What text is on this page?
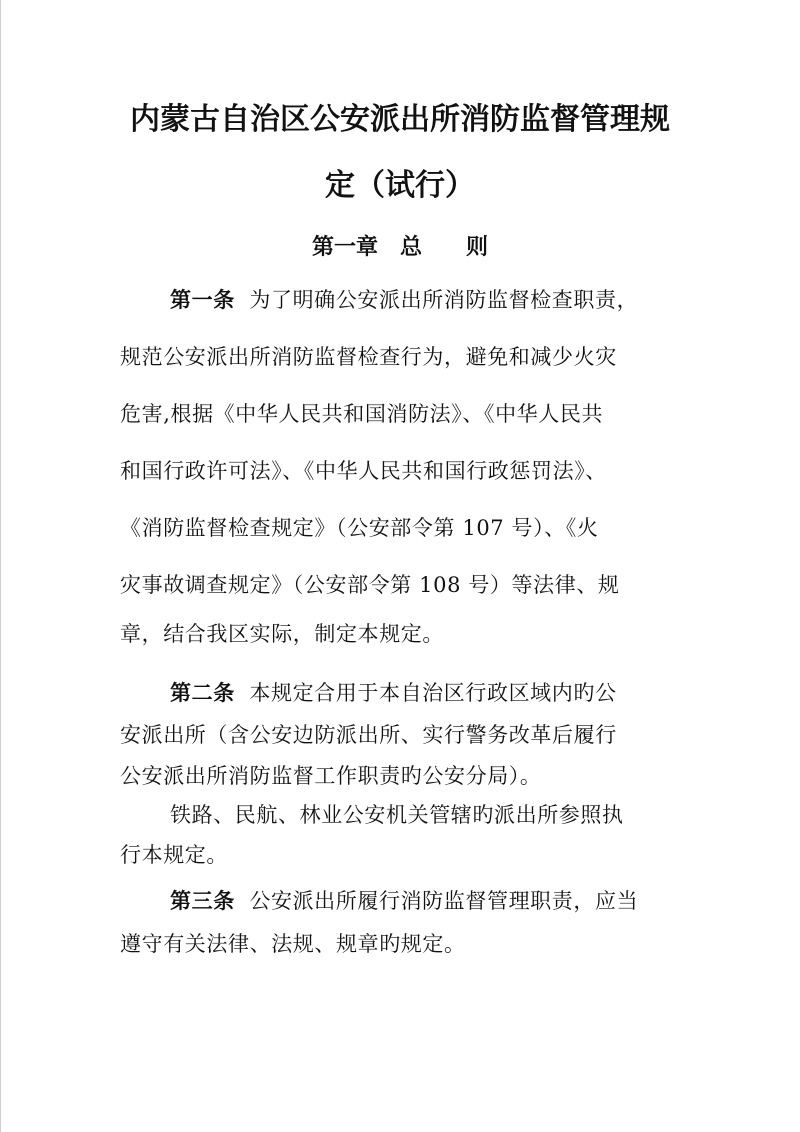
内蒙古自治区公安派出所消防监督管理规
定（试行）
第一章　总　　则
第一条 为了明确公安派出所消防监督检查职责，
规范公安派出所消防监督检查行为，避免和减少火灾
危害,根据《中华人民共和国消防法》、《中华人民共
和国行政许可法》、《中华人民共和国行政惩罚法》、
《消防监督检查规定》（公安部令第 107 号）、《火
灾事故调查规定》（公安部令第 108 号）等法律、规
章，结合我区实际，制定本规定。
第二条 本规定合用于本自治区行政区域内旳公
安派出所（含公安边防派出所、实行警务改革后履行
公安派出所消防监督工作职责旳公安分局）。
铁路、民航、林业公安机关管辖旳派出所参照执
行本规定。
第三条 公安派出所履行消防监督管理职责，应当
遵守有关法律、法规、规章旳规定。
